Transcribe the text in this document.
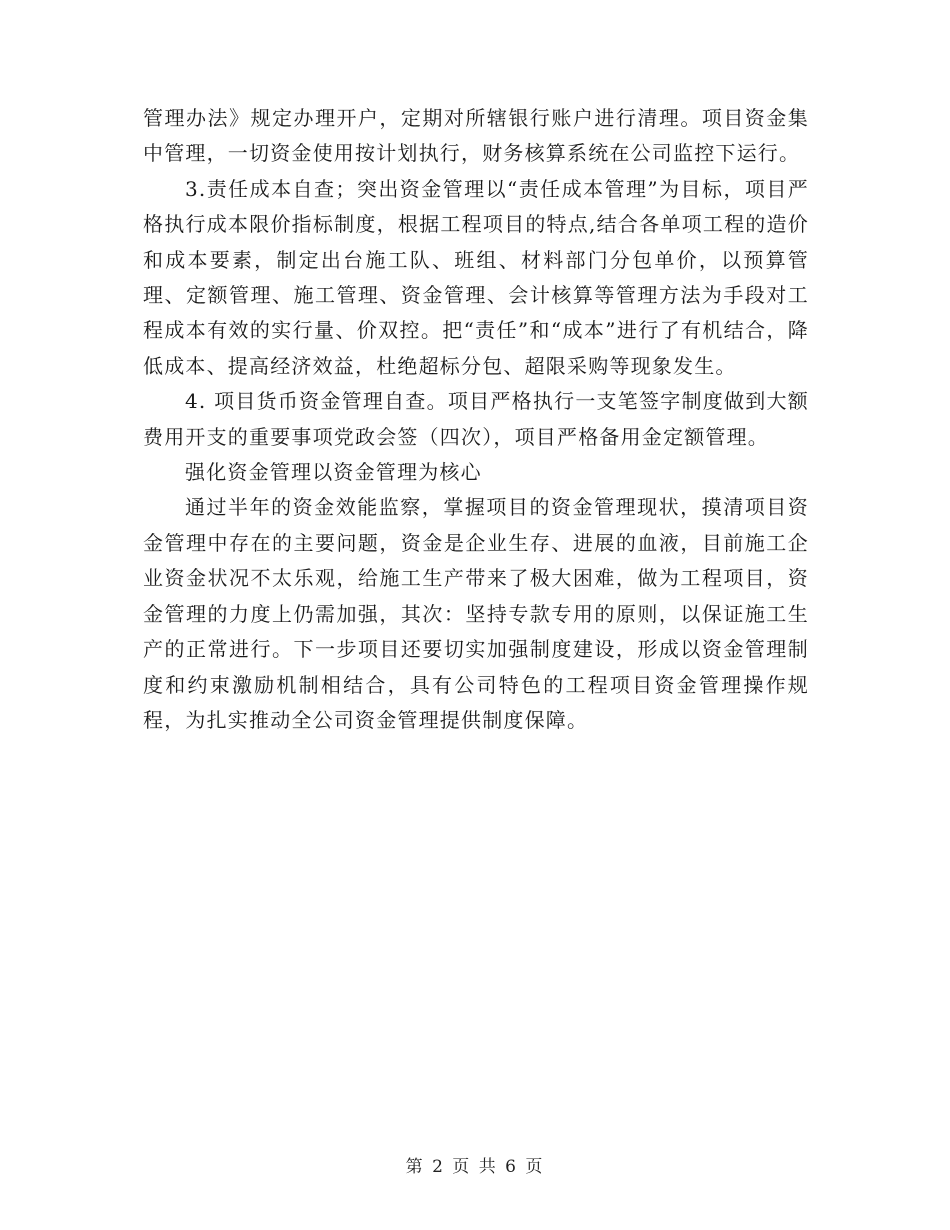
管理办法》规定办理开户，定期对所辖银行账户进行清理。项目资金集中管理，一切资金使用按计划执行，财务核算系统在公司监控下运行。

3.责任成本自查；突出资金管理以“责任成本管理”为目标，项目严格执行成本限价指标制度，根据工程项目的特点,结合各单项工程的造价和成本要素，制定出台施工队、班组、材料部门分包单价，以预算管理、定额管理、施工管理、资金管理、会计核算等管理方法为手段对工程成本有效的实行量、价双控。把“责任”和“成本”进行了有机结合，降低成本、提高经济效益，杜绝超标分包、超限采购等现象发生。

4. 项目货币资金管理自查。项目严格执行一支笔签字制度做到大额费用开支的重要事项党政会签（四次），项目严格备用金定额管理。

强化资金管理以资金管理为核心

通过半年的资金效能监察，掌握项目的资金管理现状，摸清项目资金管理中存在的主要问题，资金是企业生存、进展的血液，目前施工企业资金状况不太乐观，给施工生产带来了极大困难，做为工程项目，资金管理的力度上仍需加强，其次：坚持专款专用的原则，以保证施工生产的正常进行。下一步项目还要切实加强制度建设，形成以资金管理制度和约束激励机制相结合，具有公司特色的工程项目资金管理操作规程，为扎实推动全公司资金管理提供制度保障。

第 2 页 共 6 页
